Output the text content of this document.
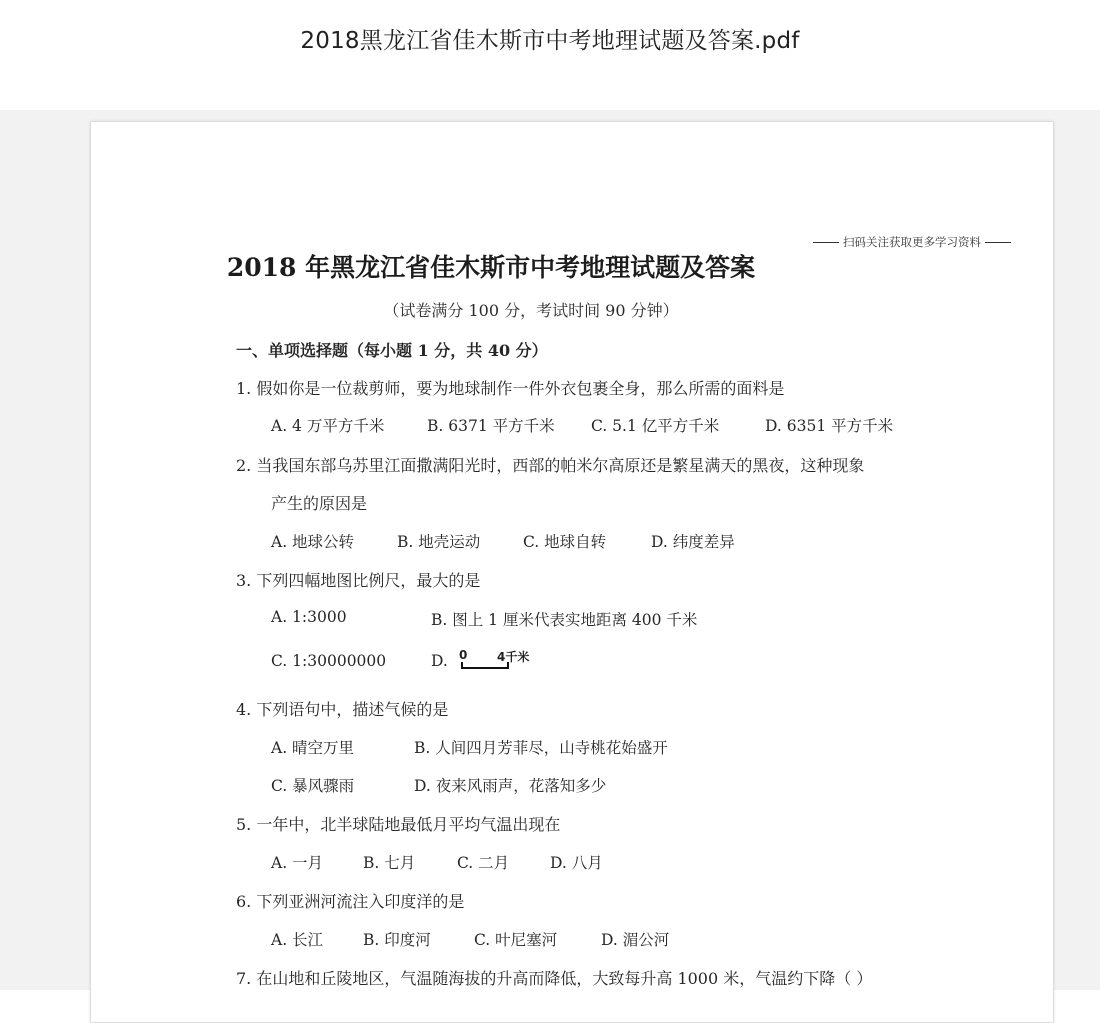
2018黑龙江省佳木斯市中考地理试题及答案.pdf
扫码关注获取更多学习资料
2018 年黑龙江省佳木斯市中考地理试题及答案
（试卷满分 100 分，考试时间 90 分钟）
一、单项选择题（每小题 1 分，共 40 分）
1. 假如你是一位裁剪师，要为地球制作一件外衣包裹全身，那么所需的面料是
A. 4 万平方千米	B. 6371 平方千米 C. 5.1 亿平方千米	D. 6351 平方千米
2. 当我国东部乌苏里江面撒满阳光时，西部的帕米尔高原还是繁星满天的黑夜，这种现象
产生的原因是
A. 地球公转	B. 地壳运动	C. 地球自转	D. 纬度差异
3. 下列四幅地图比例尺，最大的是
A. 1:3000	B. 图上 1 厘米代表实地距离 400 千米
C. 1:30000000	D. 0 4千米
4. 下列语句中，描述气候的是
A. 晴空万里	B. 人间四月芳菲尽，山寺桃花始盛开
C. 暴风骤雨	D. 夜来风雨声，花落知多少
5. 一年中，北半球陆地最低月平均气温出现在
A. 一月	B. 七月	C. 二月	D. 八月
6. 下列亚洲河流注入印度洋的是
A. 长江	B. 印度河	C. 叶尼塞河	D. 湄公河
7. 在山地和丘陵地区，气温随海拔的升高而降低，大致每升高 1000 米，气温约下降（ ）
